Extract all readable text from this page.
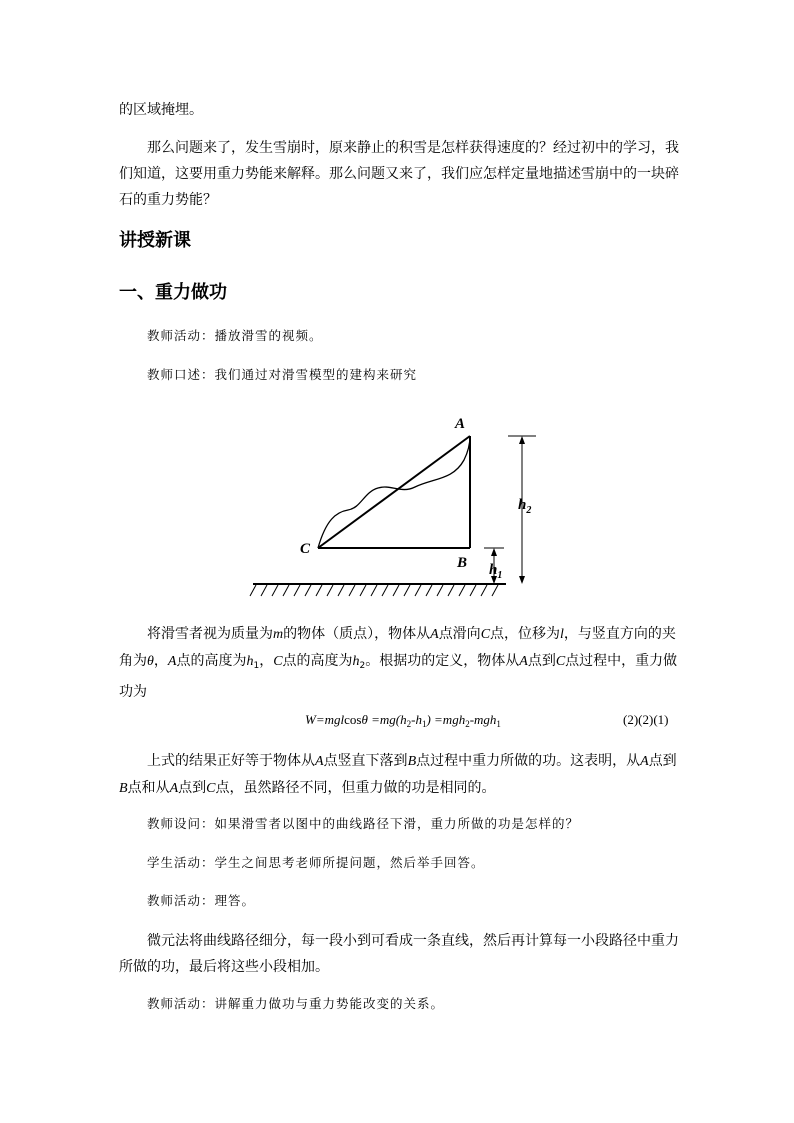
的区域掩埋。
那么问题来了，发生雪崩时，原来静止的积雪是怎样获得速度的？经过初中的学习，我们知道，这要用重力势能来解释。那么问题又来了，我们应怎样定量地描述雪崩中的一块碎石的重力势能？
讲授新课
一、重力做功
教师活动：播放滑雪的视频。
教师口述：我们通过对滑雪模型的建构来研究
A
B
C
$h_2$
$h_1$
将滑雪者视为质量为m的物体（质点），物体从A点滑向C点，位移为l，与竖直方向的夹角为θ，A点的高度为$h_1$，C点的高度为$h_2$。根据功的定义，物体从A点到C点过程中，重力做功为
$W=mglcos\theta =mg(h_2-h_1) =mgh_2-mgh_1$	(2)(2)(1)
上式的结果正好等于物体从A点竖直下落到B点过程中重力所做的功。这表明，从A点到B点和从A点到C点，虽然路径不同，但重力做的功是相同的。
教师设问：如果滑雪者以图中的曲线路径下滑，重力所做的功是怎样的？
学生活动：学生之间思考老师所提问题，然后举手回答。
教师活动：理答。
微元法将曲线路径细分，每一段小到可看成一条直线，然后再计算每一小段路径中重力所做的功，最后将这些小段相加。
教师活动：讲解重力做功与重力势能改变的关系。
